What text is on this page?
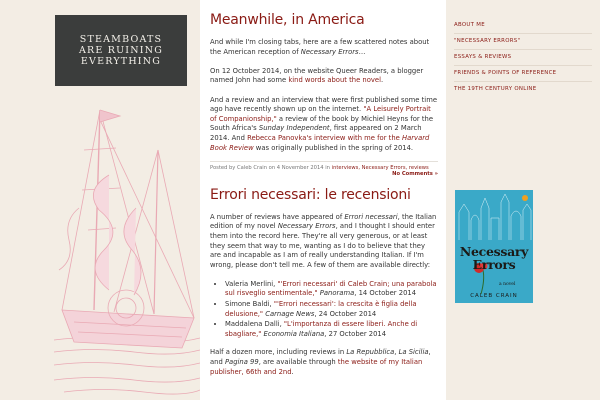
STEAMBOATS
ARE RUINING
EVERYTHING
Meanwhile, in America

And while I'm closing tabs, here are a few scattered notes about the American reception of Necessary Errors…

On 12 October 2014, on the website Queer Readers, a blogger named John had some kind words about the novel.

And a review and an interview that were first published some time ago have recently shown up on the internet. "A Leisurely Portrait of Companionship," a review of the book by Michiel Heyns for the South Africa's Sunday Independent, first appeared on 2 March 2014. And Rebecca Panovka's interview with me for the Harvard Book Review was originally published in the spring of 2014.

Posted by Caleb Crain on 4 November 2014 in interviews, Necessary Errors, reviews
No Comments »
Errori necessari: le recensioni

A number of reviews have appeared of Errori necessari, the Italian edition of my novel Necessary Errors, and I thought I should enter them into the record here. They're all very generous, or at least they seem that way to me, wanting as I do to believe that they are and incapable as I am of really understanding Italian. If I'm wrong, please don't tell me. A few of them are available directly:

• Valeria Merlini, "'Errori necessari' di Caleb Crain; una parabola sul risveglio sentimentale," Panorama, 14 October 2014
• Simone Baldi, "'Errori necessari': la crescita è figlia della delusione," Carnage News, 24 October 2014
• Maddalena Dalli, "L'importanza di essere liberi. Anche di sbagliare," Economia Italiana, 27 October 2014

Half a dozen more, including reviews in La Repubblica, La Sicilia, and Pagina 99, are available through the website of my Italian publisher, 66th and 2nd.

ABOUT ME
"NECESSARY ERRORS"
ESSAYS & REVIEWS
FRIENDS & POINTS OF REFERENCE
THE 19TH CENTURY ONLINE
Necessary
Errors
a novel
CALEB CRAIN
